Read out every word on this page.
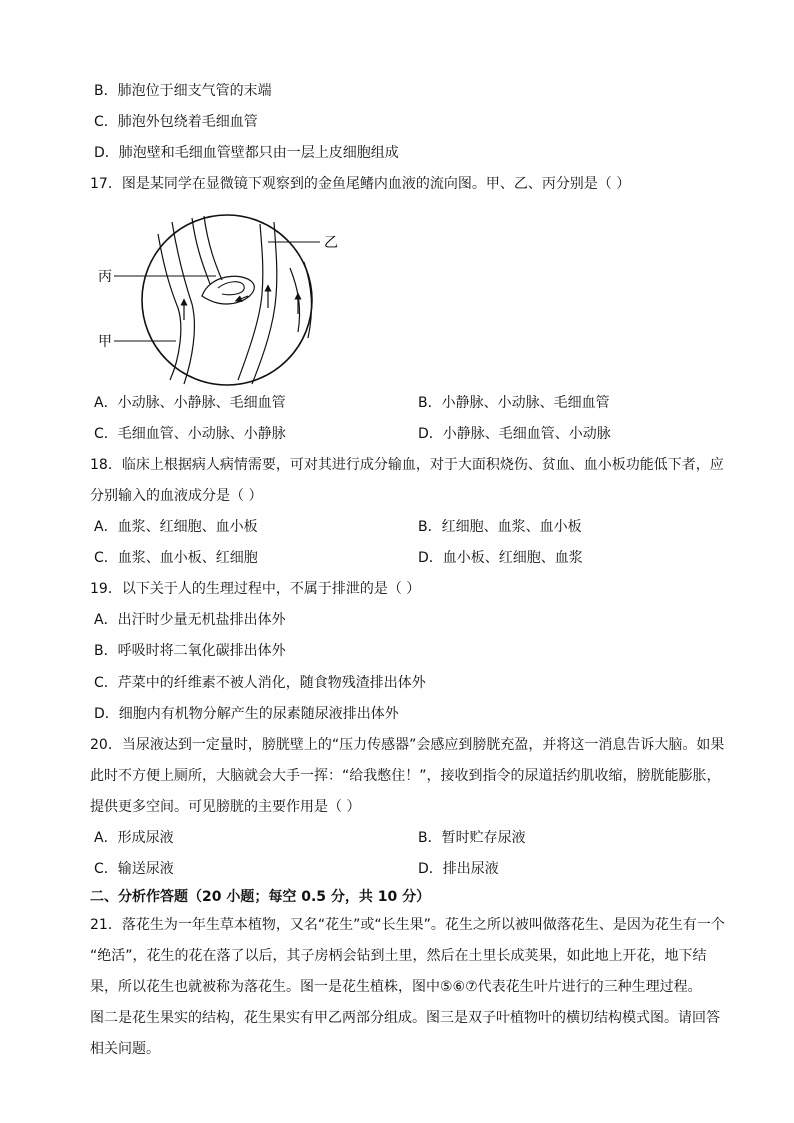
B．肺泡位于细支气管的末端
C．肺泡外包绕着毛细血管
D．肺泡壁和毛细血管壁都只由一层上皮细胞组成
17．图是某同学在显微镜下观察到的金鱼尾鳍内血液的流向图。甲、乙、丙分别是（ ）
丙
乙
甲
A．小动脉、小静脉、毛细血管	B．小静脉、小动脉、毛细血管
C．毛细血管、小动脉、小静脉	D．小静脉、毛细血管、小动脉
18．临床上根据病人病情需要，可对其进行成分输血，对于大面积烧伤、贫血、血小板功能低下者，应
分别输入的血液成分是（ ）
A．血浆、红细胞、血小板	B．红细胞、血浆、血小板
C．血浆、血小板、红细胞	D．血小板、红细胞、血浆
19．以下关于人的生理过程中，不属于排泄的是（ ）
A．出汗时少量无机盐排出体外
B．呼吸时将二氧化碳排出体外
C．芹菜中的纤维素不被人消化，随食物残渣排出体外
D．细胞内有机物分解产生的尿素随尿液排出体外
20．当尿液达到一定量时，膀胱壁上的“压力传感器”会感应到膀胱充盈，并将这一消息告诉大脑。如果
此时不方便上厕所，大脑就会大手一挥：“给我憋住！”，接收到指令的尿道括约肌收缩，膀胱能膨胀，
提供更多空间。可见膀胱的主要作用是（ ）
A．形成尿液	B．暂时贮存尿液
C．输送尿液	D．排出尿液
二、分析作答题（20 小题；每空 0.5 分，共 10 分）
21．落花生为一年生草本植物，又名“花生”或“长生果”。花生之所以被叫做落花生、是因为花生有一个
“绝活”，花生的花在落了以后，其子房柄会钻到土里，然后在土里长成荚果，如此地上开花，地下结
果，所以花生也就被称为落花生。图一是花生植株，图中⑤⑥⑦代表花生叶片进行的三种生理过程。
图二是花生果实的结构，花生果实有甲乙两部分组成。图三是双子叶植物叶的横切结构模式图。请回答
相关问题。
